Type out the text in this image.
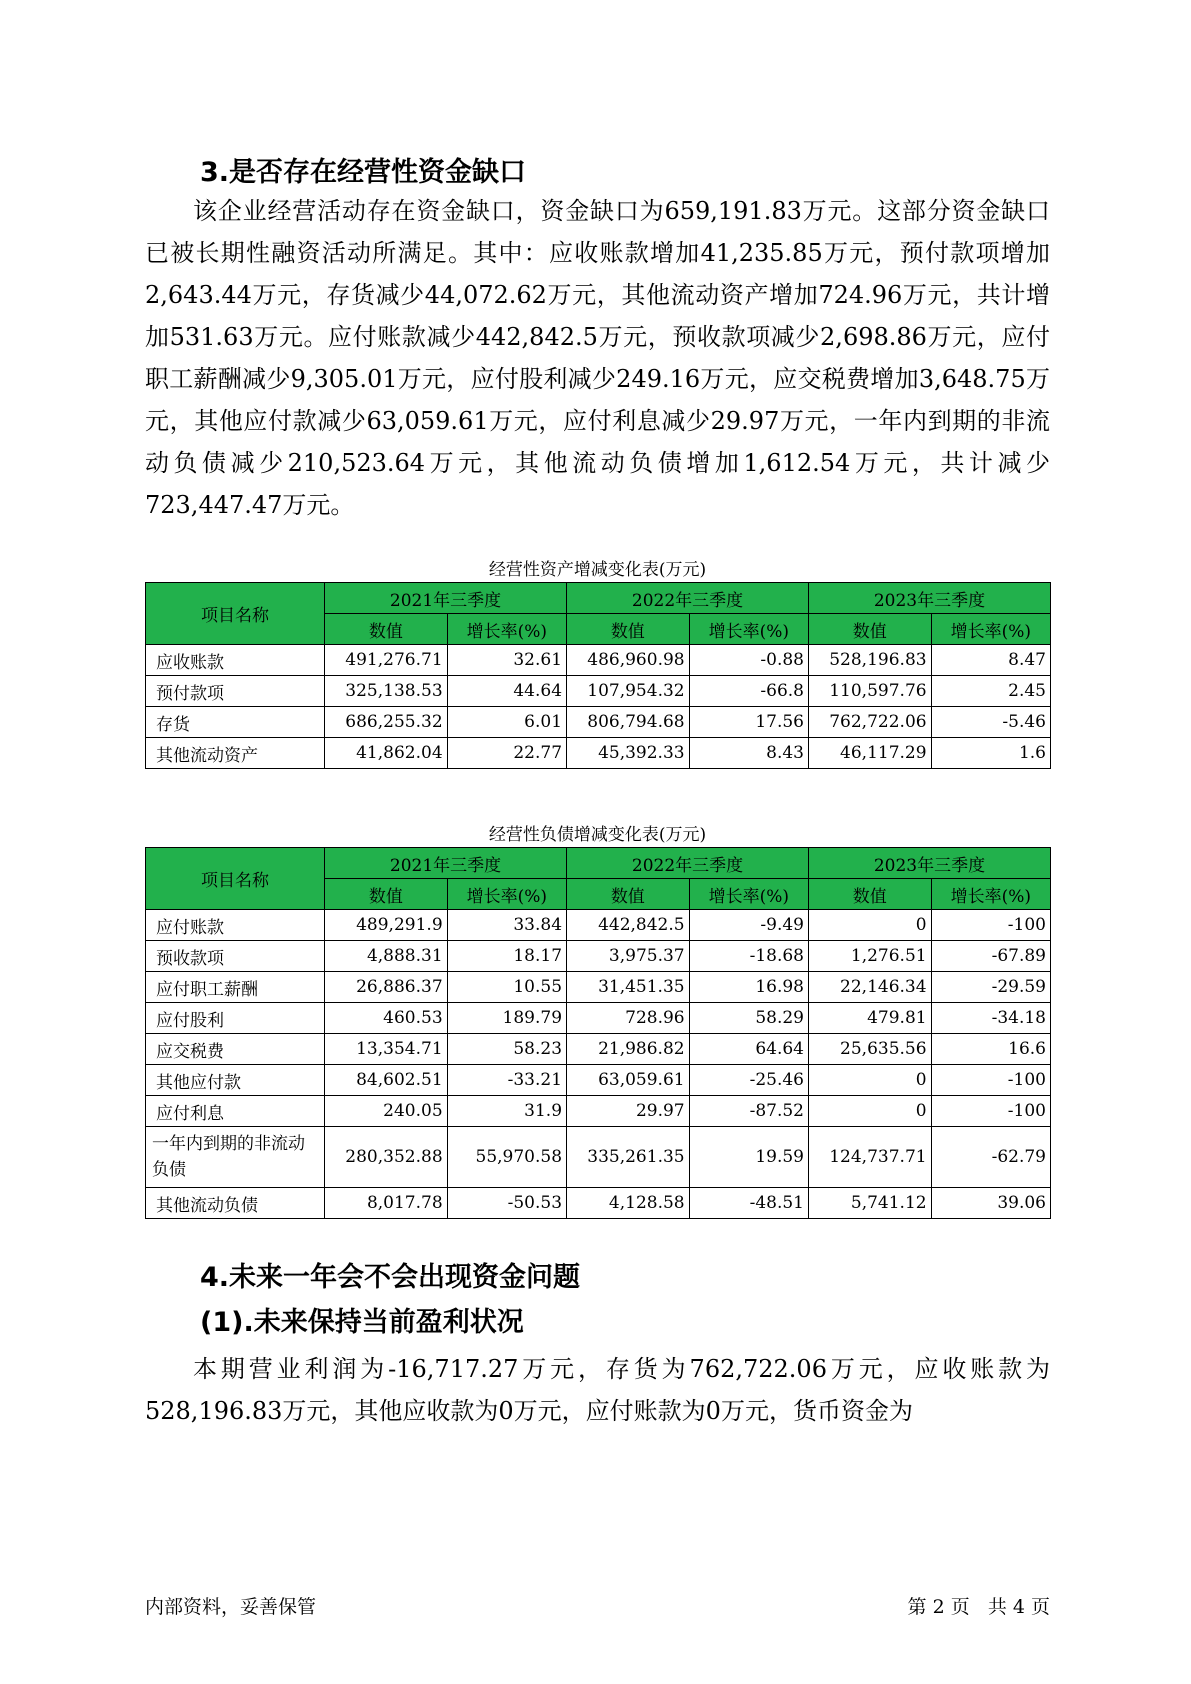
3.是否存在经营性资金缺口

该企业经营活动存在资金缺口，资金缺口为659,191.83万元。这部分资金缺口已被长期性融资活动所满足。其中：应收账款增加41,235.85万元，预付款项增加2,643.44万元，存货减少44,072.62万元，其他流动资产增加724.96万元，共计增加531.63万元。应付账款减少442,842.5万元，预收款项减少2,698.86万元，应付职工薪酬减少9,305.01万元，应付股利减少249.16万元，应交税费增加3,648.75万元，其他应付款减少63,059.61万元，应付利息减少29.97万元，一年内到期的非流动负债减少210,523.64万元，其他流动负债增加1,612.54万元，共计减少723,447.47万元。

经营性资产增减变化表(万元)
项目名称	2021年三季度		2022年三季度		2023年三季度	
	数值	增长率(%)	数值	增长率(%)	数值	增长率(%)
应收账款	491,276.71	32.61	486,960.98	-0.88	528,196.83	8.47
预付款项	325,138.53	44.64	107,954.32	-66.8	110,597.76	2.45
存货	686,255.32	6.01	806,794.68	17.56	762,722.06	-5.46
其他流动资产	41,862.04	22.77	45,392.33	8.43	46,117.29	1.6
经营性负债增减变化表(万元)
项目名称	2021年三季度		2022年三季度		2023年三季度	
	数值	增长率(%)	数值	增长率(%)	数值	增长率(%)
应付账款	489,291.9	33.84	442,842.5	-9.49	0	-100
预收款项	4,888.31	18.17	3,975.37	-18.68	1,276.51	-67.89
应付职工薪酬	26,886.37	10.55	31,451.35	16.98	22,146.34	-29.59
应付股利	460.53	189.79	728.96	58.29	479.81	-34.18
应交税费	13,354.71	58.23	21,986.82	64.64	25,635.56	16.6
其他应付款	84,602.51	-33.21	63,059.61	-25.46	0	-100
应付利息	240.05	31.9	29.97	-87.52	0	-100
一年内到期的非流动负债	280,352.88	55,970.58	335,261.35	19.59	124,737.71	-62.79
其他流动负债	8,017.78	-50.53	4,128.58	-48.51	5,741.12	39.06
4.未来一年会不会出现资金问题
(1).未来保持当前盈利状况

本期营业利润为-16,717.27万元，存货为762,722.06万元，应收账款为528,196.83万元，其他应收款为0万元，应付账款为0万元，货币资金为

内部资料，妥善保管	第 2 页   共 4 页
